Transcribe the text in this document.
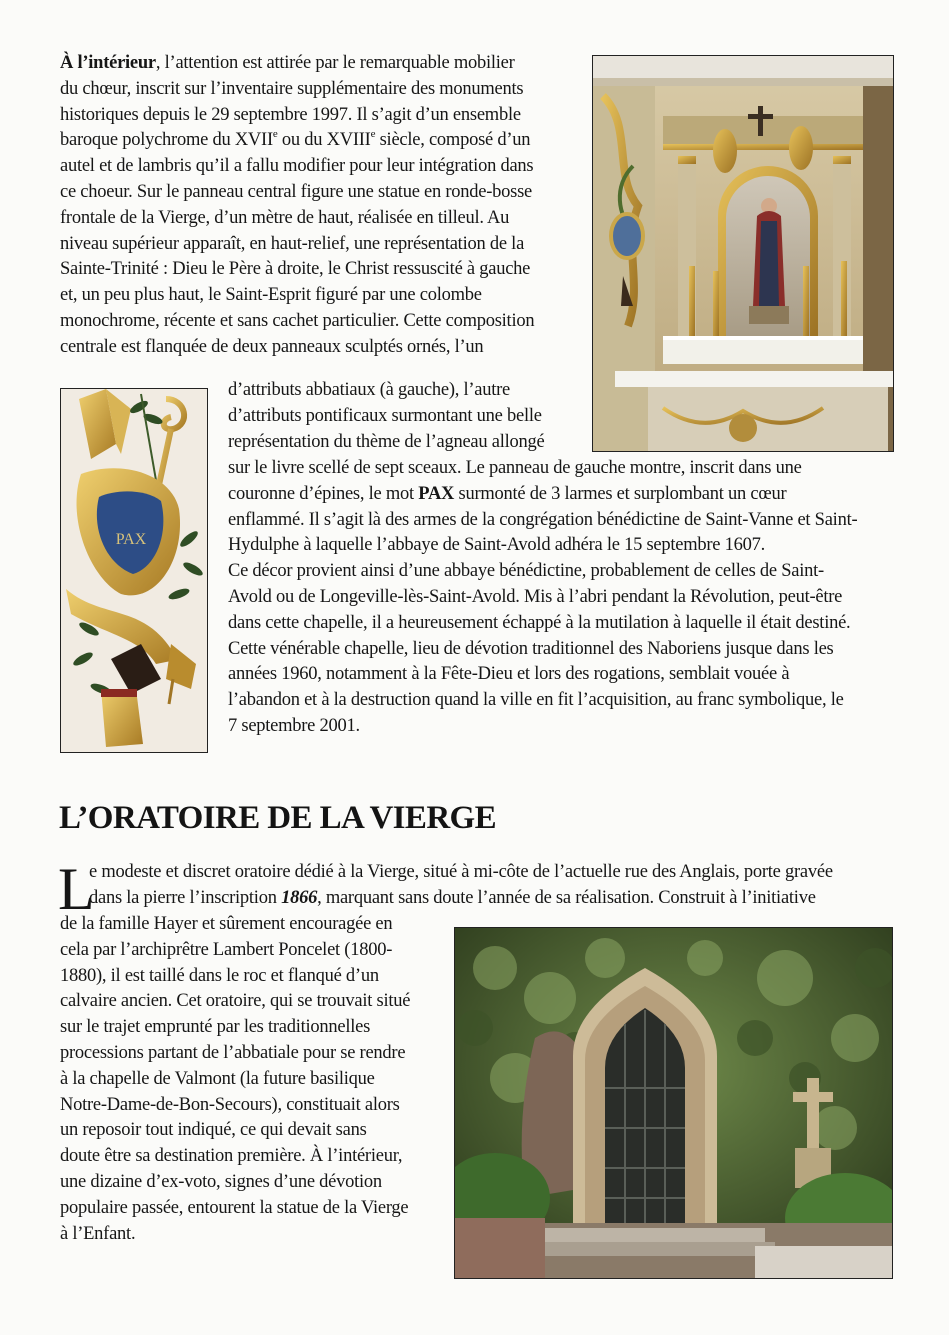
À l’intérieur, l’attention est attirée par le remarquable mobilier
du chœur, inscrit sur l’inventaire supplémentaire des monuments
historiques depuis le 29 septembre 1997. Il s’agit d’un ensemble
baroque polychrome du XVIIe ou du XVIIIe siècle, composé d’un
autel et de lambris qu’il a fallu modifier pour leur intégration dans
ce choeur. Sur le panneau central figure une statue en ronde-bosse
frontale de la Vierge, d’un mètre de haut, réalisée en tilleul. Au
niveau supérieur apparaît, en haut-relief, une représentation de la
Sainte-Trinité : Dieu le Père à droite, le Christ ressuscité à gauche
et, un peu plus haut, le Saint-Esprit figuré par une colombe
monochrome, récente et sans cachet particulier. Cette composition
centrale est flanquée de deux panneaux sculptés ornés, l’un

d’attributs abbatiaux (à gauche), l’autre
d’attributs pontificaux surmontant une belle
représentation du thème de l’agneau allongé

sur le livre scellé de sept sceaux. Le panneau de gauche montre, inscrit dans une
couronne d’épines, le mot PAX surmonté de 3 larmes et surplombant un cœur
enflammé. Il s’agit là des armes de la congrégation bénédictine de Saint-Vanne et Saint-
Hydulphe à laquelle l’abbaye de Saint-Avold adhéra le 15 septembre 1607.
Ce décor provient ainsi d’une abbaye bénédictine, probablement de celles de Saint-
Avold ou de Longeville-lès-Saint-Avold. Mis à l’abri pendant la Révolution, peut-être
dans cette chapelle, il a heureusement échappé à la mutilation à laquelle il était destiné.
Cette vénérable chapelle, lieu de dévotion traditionnel des Naboriens jusque dans les
années 1960, notamment à la Fête-Dieu et lors des rogations, semblait vouée à
l’abandon et à la destruction quand la ville en fit l’acquisition, au franc symbolique, le
7 septembre 2001.

PAX
L’ORATOIRE DE LA VIERGE
L

e modeste et discret oratoire dédié à la Vierge, situé à mi-côte de l’actuelle rue des Anglais, porte gravée
dans la pierre l’inscription 1866, marquant sans doute l’année de sa réalisation. Construit à l’initiative

de la famille Hayer et sûrement encouragée en
cela par l’archiprêtre Lambert Poncelet (1800-
1880), il est taillé dans le roc et flanqué d’un
calvaire ancien. Cet oratoire, qui se trouvait situé
sur le trajet emprunté par les traditionnelles
processions partant de l’abbatiale pour se rendre
à la chapelle de Valmont (la future basilique
Notre-Dame-de-Bon-Secours), constituait alors
un reposoir tout indiqué, ce qui devait sans
doute être sa destination première. À l’intérieur,
une dizaine d’ex-voto, signes d’une dévotion
populaire passée, entourent la statue de la Vierge
à l’Enfant.
